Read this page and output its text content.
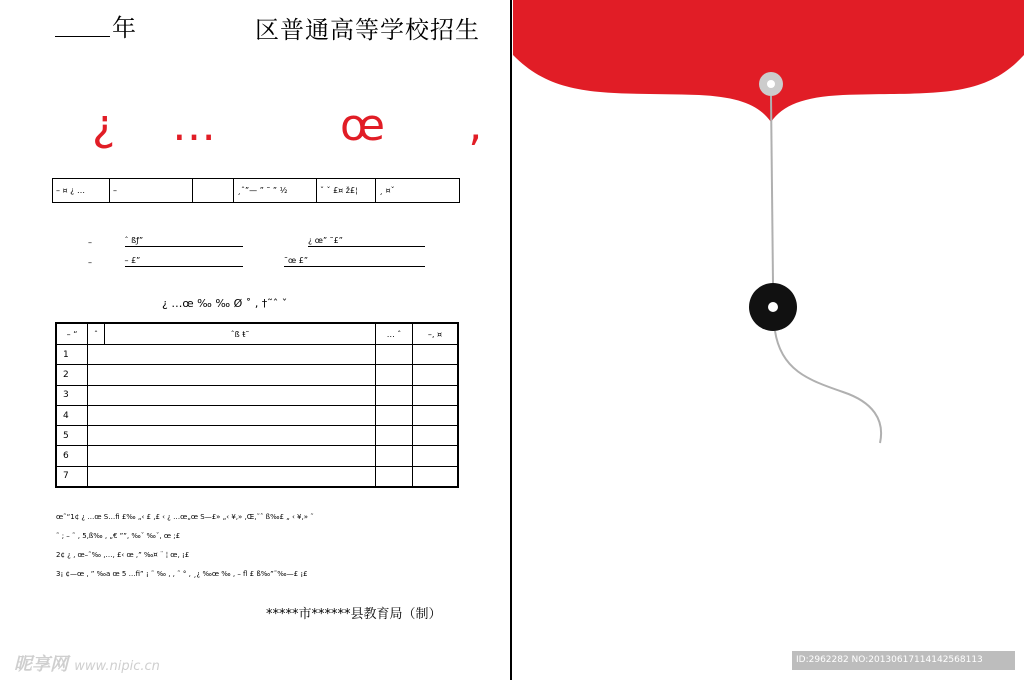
年	区普通高等学校招生
¿ …	œ ‚
– ¤ ¿ …	–		¸ˆ”— ” ˜ ” ½	ˇ ˇ £¤ ž£¦	¸ ¤ˇ
–	ˆ ßƒ”	¿ œ” ˜£”
–	– £”	˜œ £”
¿ …œ ‰ ‰ Ø ˚ ‚ †˜ˆ ˇ
– “	ˆ	ˆß ŧ˜	… ˆ	–‚ ¤
1				
2				
3				
4				
5				
6				
7				
œ˜“1¢ ¿ …œ S…fi £‰ „‹ £ ‚£ ‹ ¿ …œ„œ S—£» „‹ ¥‚» ‚Œ‚˜ˆ ß‰£ „ ‹ ¥‚» ˜
˜ ; – ˜ ‚ 5‚ß‰ ‚ „€ ””‚ ‰ˇ ‰ˇ‚ œ ;£
2¢ ¿ ‚ œ–˜‰ ‚…‚ £‹ œ ,” ‰¤ ¨ ¦ œ‚ ¡£
3¡ ¢—œ ‚ ” ‰a œ 5 …fi” ¡ ˜ ‰ ‚ ‚ ˜ ° ‚ ¸¿ ‰œ ‰ ‚ – fl £ ß‰”˜‰—£ ¡£
*****市******县教育局（制）
昵享网 www.nipic.cn	ID:2962282 NO:20130617114142568113
